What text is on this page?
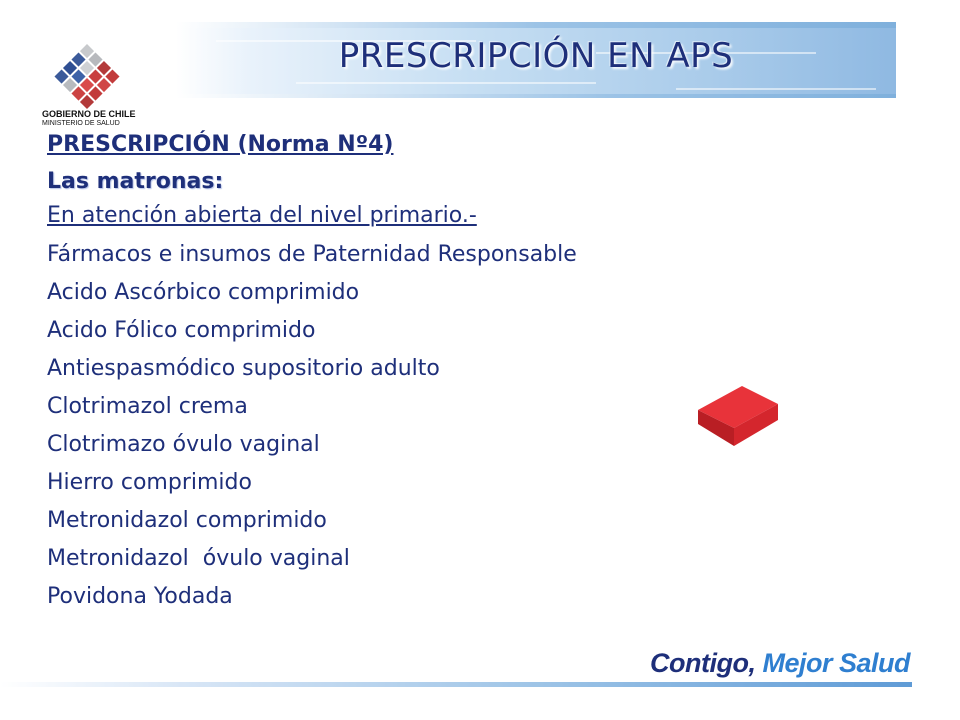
PRESCRIPCIÓN EN APS
GOBIERNO DE CHILE
MINISTERIO DE SALUD
PRESCRIPCIÓN (Norma Nº4)
Las matronas:
En atención abierta del nivel primario.-
Fármacos e insumos de Paternidad Responsable
Acido Ascórbico comprimido
Acido Fólico comprimido
Antiespasmódico supositorio adulto
Clotrimazol crema
Clotrimazo óvulo vaginal
Hierro comprimido
Metronidazol comprimido
Metronidazol  óvulo vaginal
Povidona Yodada
Contigo, Mejor Salud
